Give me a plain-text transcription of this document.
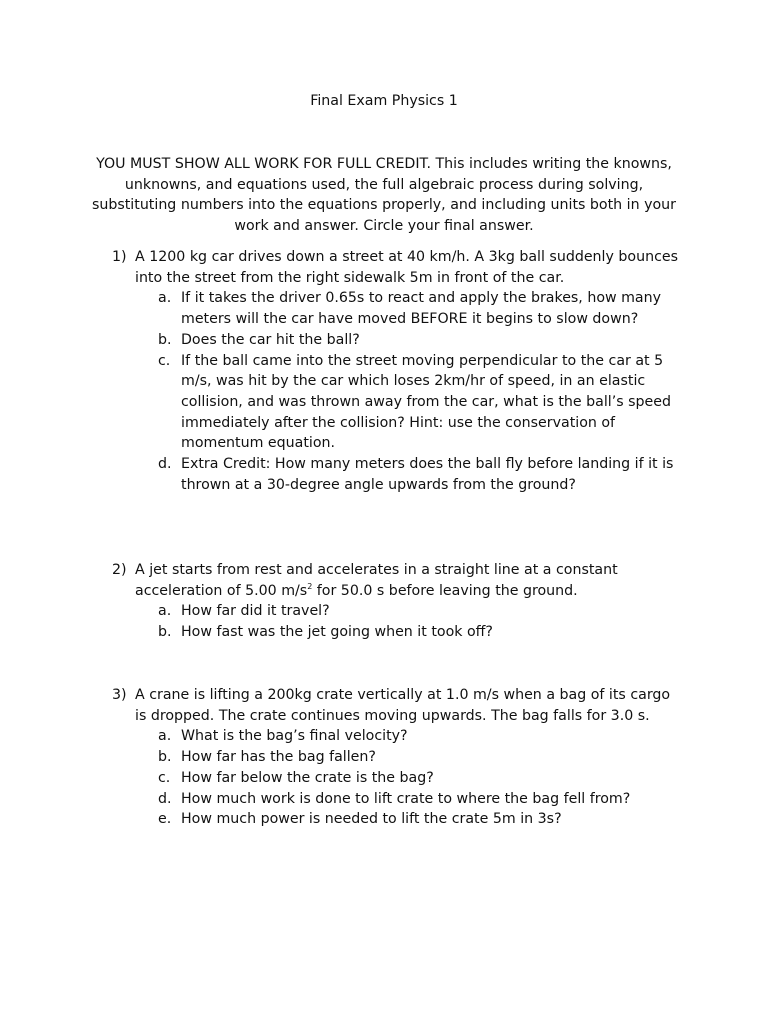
Final Exam Physics 1
YOU MUST SHOW ALL WORK FOR FULL CREDIT. This includes writing the knowns, unknowns, and equations used, the full algebraic process during solving, substituting numbers into the equations properly, and including units both in your work and answer. Circle your final answer.
1) A 1200 kg car drives down a street at 40 km/h. A 3kg ball suddenly bounces into the street from the right sidewalk 5m in front of the car.
a. If it takes the driver 0.65s to react and apply the brakes, how many meters will the car have moved BEFORE it begins to slow down?
b. Does the car hit the ball?
c. If the ball came into the street moving perpendicular to the car at 5 m/s, was hit by the car which loses 2km/hr of speed, in an elastic collision, and was thrown away from the car, what is the ball’s speed immediately after the collision? Hint: use the conservation of momentum equation.
d. Extra Credit: How many meters does the ball fly before landing if it is thrown at a 30-degree angle upwards from the ground?
2) A jet starts from rest and accelerates in a straight line at a constant acceleration of 5.00 $m/s^2$ for 50.0 s before leaving the ground.
a. How far did it travel?
b. How fast was the jet going when it took off?
3) A crane is lifting a 200kg crate vertically at 1.0 m/s when a bag of its cargo is dropped. The crate continues moving upwards. The bag falls for 3.0 s.
a. What is the bag’s final velocity?
b. How far has the bag fallen?
c. How far below the crate is the bag?
d. How much work is done to lift crate to where the bag fell from?
e. How much power is needed to lift the crate 5m in 3s?
